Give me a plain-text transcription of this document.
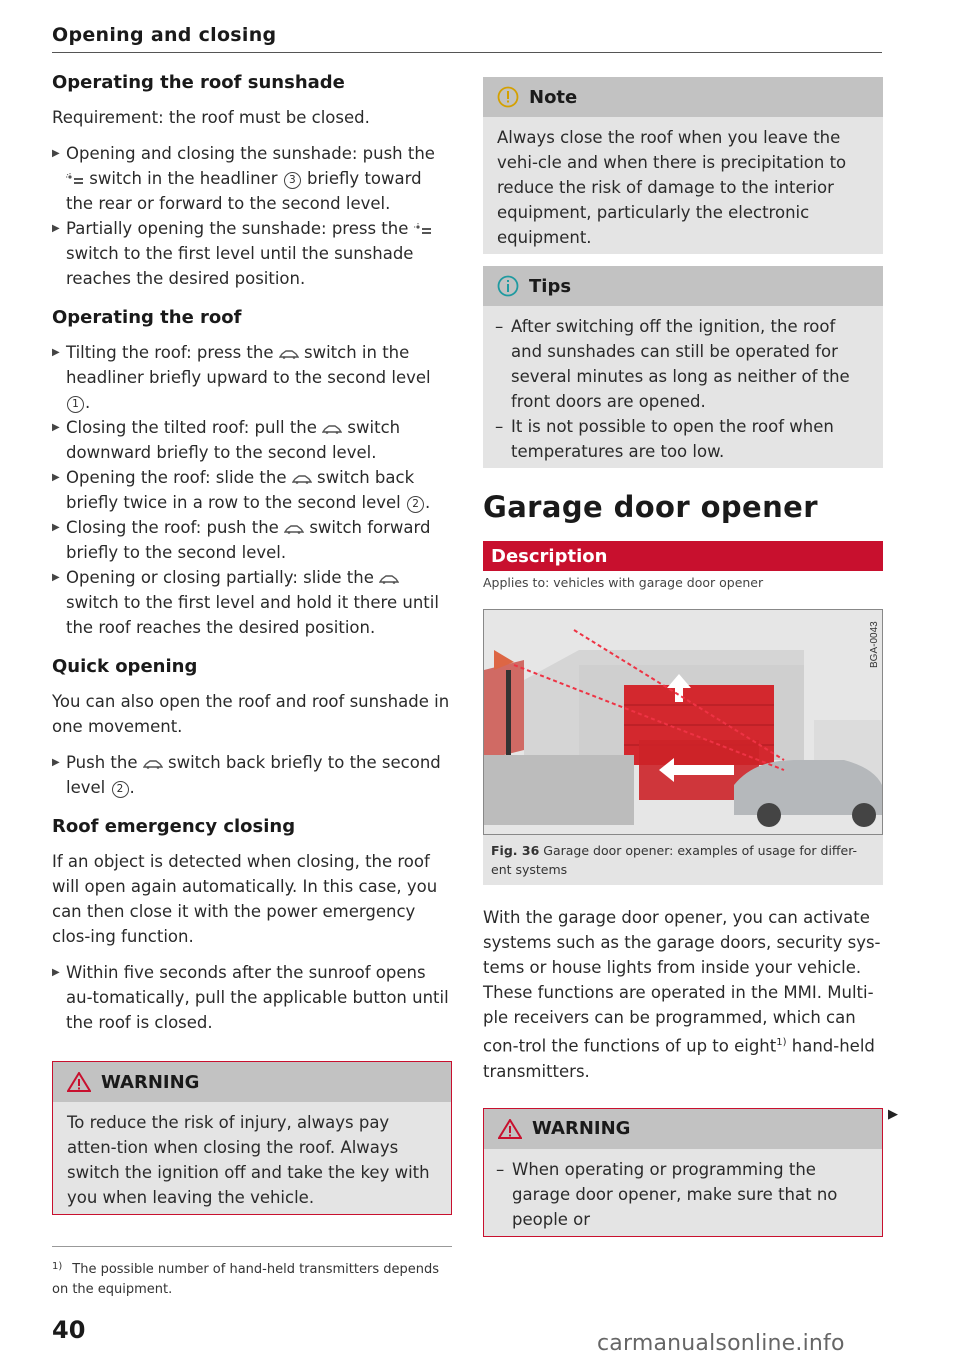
Opening and closing
Operating the roof sunshade

Requirement: the roof must be closed.

▶ Opening and closing the sunshade: push the  switch in the headliner 3 briefly toward the rear or forward to the second level.

▶ Partially opening the sunshade: press the  switch to the first level until the sunshade reaches the desired position.

Operating the roof

▶ Tilting the roof: press the switch in the headliner briefly upward to the second level 1 .

▶ Closing the tilted roof: pull the switch downward briefly to the second level.

▶ Opening the roof: slide the switch back briefly twice in a row to the second level 2 .

▶ Closing the roof: push the switch forward briefly to the second level.

▶ Opening or closing partially: slide the  switch to the first level and hold it there until the roof reaches the desired position.

Quick opening

You can also open the roof and roof sunshade in one movement.

▶ Push the switch back briefly to the second level 2 .

Roof emergency closing

If an object is detected when closing, the roof will open again automatically. In this case, you can then close it with the power emergency clos-ing function.

▶ Within five seconds after the sunroof opens au-tomatically, pull the applicable button until the roof is closed.

WARNING
To reduce the risk of injury, always pay atten-tion when closing the roof. Always switch the ignition off and take the key with you when leaving the vehicle.
$^{1)}$ The possible number of hand-held transmitters depends on the equipment.
40
Note
Always close the roof when you leave the vehi-cle and when there is precipitation to reduce the risk of damage to the interior equipment, particularly the electronic equipment.
Tips

– After switching off the ignition, the roof and sunshades can still be operated for several minutes as long as neither of the front doors are opened.

– It is not possible to open the roof when temperatures are too low.

Garage door opener
Description
Applies to: vehicles with garage door opener
BGA-0043
Fig. 36 Garage door opener: examples of usage for differ-ent systems

With the garage door opener, you can activate systems such as the garage doors, security sys-tems or house lights from inside your vehicle. These functions are operated in the MMI. Multi-ple receivers can be programmed, which can con-trol the functions of up to eight$^{1)}$ hand-held transmitters.

WARNING

– When operating or programming the garage door opener, make sure that no people or

▶
carmanualsonline.info
